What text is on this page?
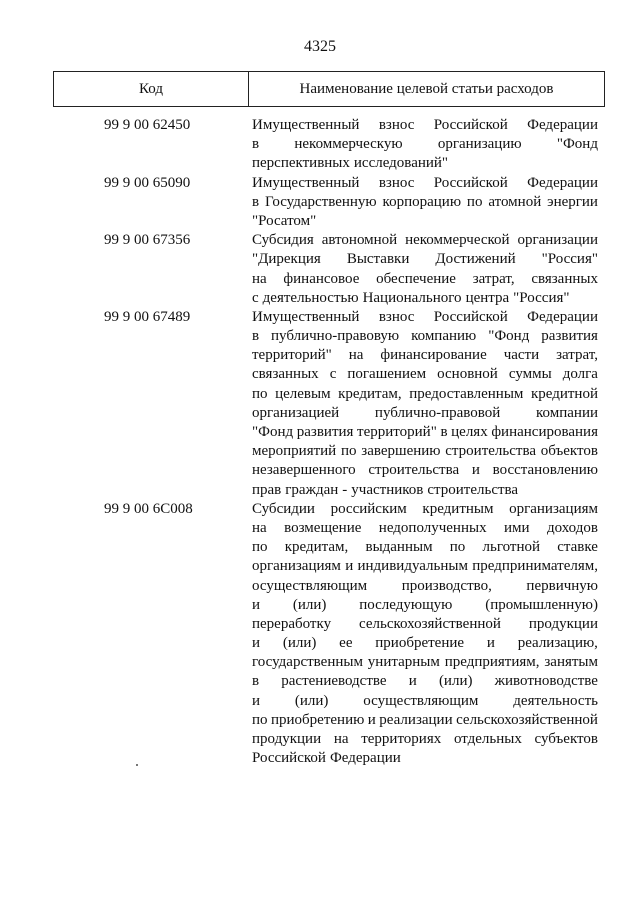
4325
Код	Наименование целевой статьи расходов
99 9 00 62450	Имущественный взнос Российской Федерации
в некоммерческую организацию "Фонд
перспективных исследований"
99 9 00 65090	Имущественный взнос Российской Федерации
в Государственную корпорацию по атомной энергии
"Росатом"
99 9 00 67356	Субсидия автономной некоммерческой организации
"Дирекция Выставки Достижений "Россия"
на финансовое обеспечение затрат, связанных
с деятельностью Национального центра "Россия"
99 9 00 67489	Имущественный взнос Российской Федерации
в публично-правовую компанию "Фонд развития
территорий" на финансирование части затрат,
связанных с погашением основной суммы долга
по целевым кредитам, предоставленным кредитной
организацией публично-правовой компании
"Фонд развития территорий" в целях финансирования
мероприятий по завершению строительства объектов
незавершенного строительства и восстановлению
прав граждан - участников строительства
99 9 00 6C008	Субсидии российским кредитным организациям
на возмещение недополученных ими доходов
по кредитам, выданным по льготной ставке
организациям и индивидуальным предпринимателям,
осуществляющим производство, первичную
и (или) последующую (промышленную)
переработку сельскохозяйственной продукции
и (или) ее приобретение и реализацию,
государственным унитарным предприятиям, занятым
в растениеводстве и (или) животноводстве
и (или) осуществляющим деятельность
по приобретению и реализации сельскохозяйственной
продукции на территориях отдельных субъектов
Российской Федерации
